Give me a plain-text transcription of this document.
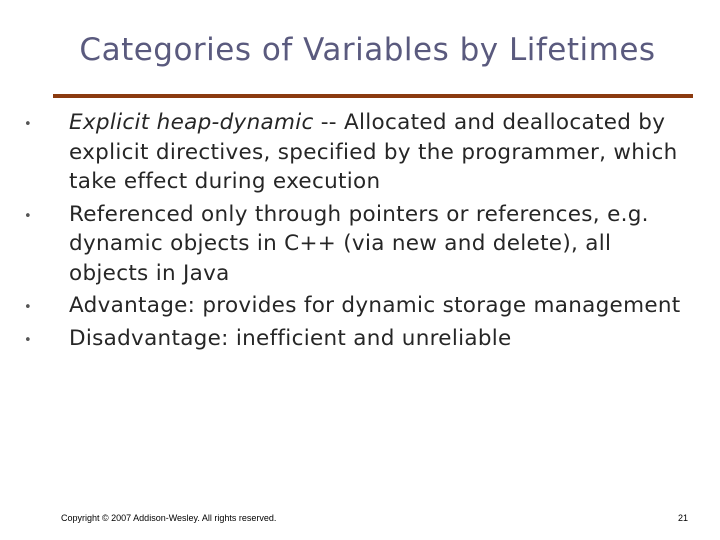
Categories of Variables by Lifetimes
• Explicit heap-dynamic -- Allocated and deallocated by explicit directives, specified by the programmer, which take effect during execution
• Referenced only through pointers or references, e.g. dynamic objects in C++ (via new and delete), all objects in Java
• Advantage: provides for dynamic storage management
• Disadvantage: inefficient and unreliable
Copyright © 2007 Addison-Wesley. All rights reserved.	21
